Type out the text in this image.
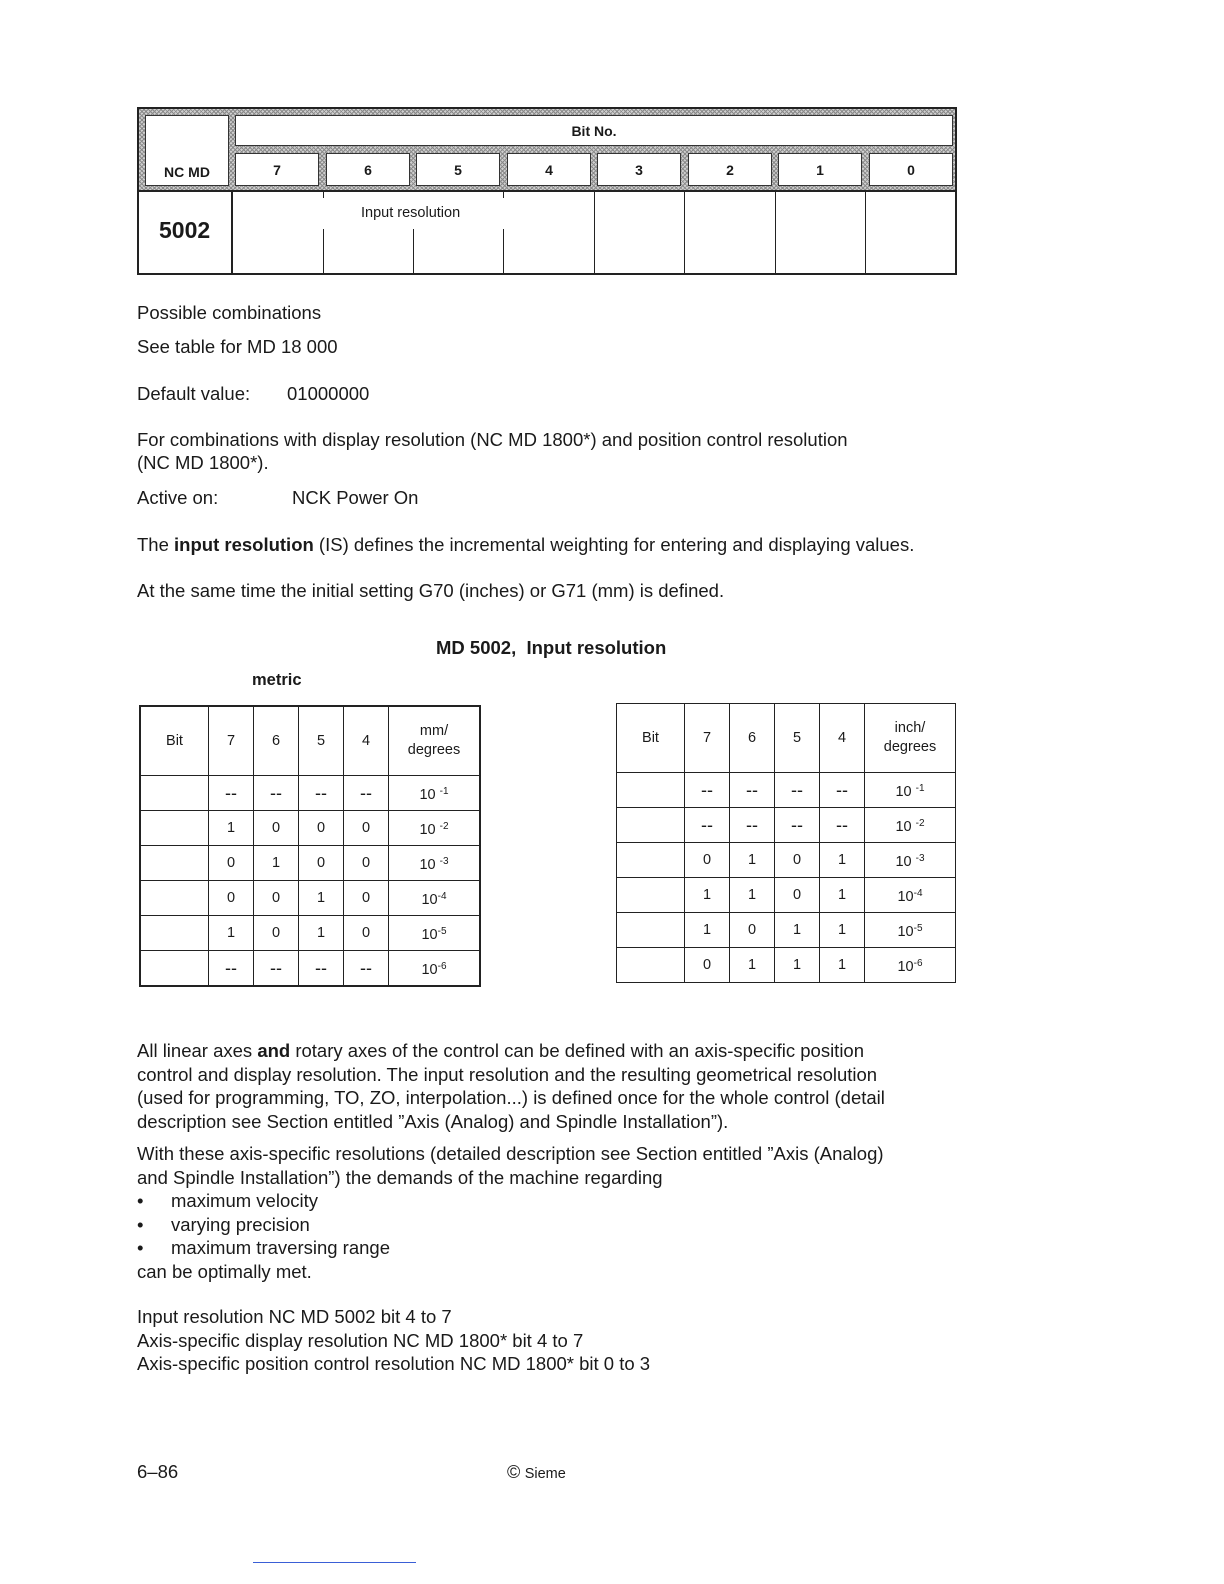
NC MD
Bit No.
7	6	5	4	3	2	1	0
5002
Input resolution

Possible combinations

See table for MD 18 000

Default value: 01000000

For combinations with display resolution (NC MD 1800*) and position control resolution

(NC MD 1800*).

Active on:	NCK Power On

The input resolution (IS) defines the incremental weighting for entering and displaying values.

At the same time the initial setting G70 (inches) or G71 (mm) is defined.

MD 5002,  Input resolution
metric
Bit	7	6	5	4	mm/
degrees
	--	--	--	--	10 $^{-1}$
	1	0	0	0	10 $^{-2}$
	0	1	0	0	10 $^{-3}$
	0	0	1	0	$10^{-4}$
	1	0	1	0	$10^{-5}$
	--	--	--	--	$10^{-6}$
Bit	7	6	5	4	inch/
degrees
	--	--	--	--	10 $^{-1}$
	--	--	--	--	10 $^{-2}$
	0	1	0	1	10 $^{-3}$
	1	1	0	1	$10^{-4}$
	1	0	1	1	$10^{-5}$
	0	1	1	1	$10^{-6}$

All linear axes and rotary axes of the control can be defined with an axis-specific position

control and display resolution. The input resolution and the resulting geometrical resolution

(used for programming, TO, ZO, interpolation...) is defined once for the whole control (detail

description see Section entitled ”Axis (Analog) and Spindle Installation”).

With these axis-specific resolutions (detailed description see Section entitled ”Axis (Analog)

and Spindle Installation”) the demands of the machine regarding

• maximum velocity

• varying precision

• maximum traversing range

can be optimally met.

Input resolution NC MD 5002 bit 4 to 7

Axis-specific display resolution NC MD 1800* bit 4 to 7

Axis-specific position control resolution NC MD 1800* bit 0 to 3

6–86	© Sieme
